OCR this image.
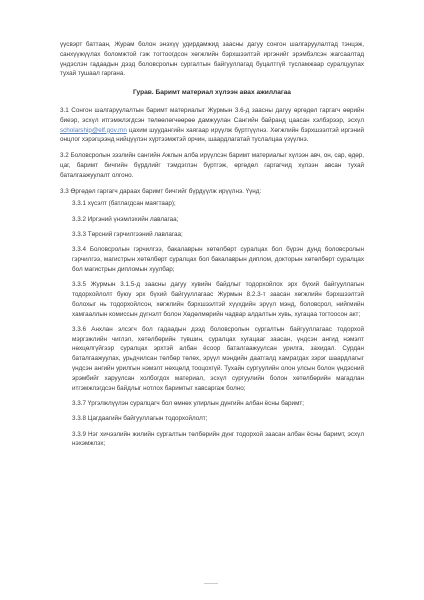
үүсвэрт баттаан, Журам болон энэхүү удирдамжид заасны дагуу сонгон шалгаруулалтад тэнцэж, санхүүжүүлах боломжтой гэж тогтоогдсон хөгжлийн бэрхшээлтэй иргэнийг эрэмбэлсэн жагсаалтад үндэслэн гадаадын дээд боловсролын сургалтын байгууллагад буцалтгүй тусламжаар суралцуулах тухай тушаал гаргана.

Гурав. Баримт материал хүлээн авах ажиллагаа

3.1 Сонгон шалгаруулалтын баримт материалыг Журмын 3.6-д заасны дагуу өргөдөл гаргагч өөрийн биеэр, эсхүл итгэмжлэгдсэн төлөөлөгчөөрөө дамжуулан Сангийн байранд цаасан хэлбэрээр, эсхүл scholarship@elf.gov.mn цахим шуудангийн хаягаар ирүүлж бүртгүүлнэ. Хөгжлийн бэрхшээлтэй иргэний онцлог хэрэгцээнд нийцүүлэн хүртээмжтэй орчин, шаардлагатай туслалцаа үзүүлнэ.

3.2 Боловсролын зээлийн сангийн Ажлын алба ирүүлсэн баримт материалыг хүлээн авч, он, сар, өдөр, цаг, баримт бичгийн бүрдлийг тэмдэглэн бүртгэж, өргөдөл гаргагчид хүлээн авсан тухай баталгаажуулалт олгоно.

3.3 Өргөдөл гаргагч дараах баримт бичгийг бүрдүүлж ирүүлнэ. Үүнд:

3.3.1 хүсэлт (батлагдсан маягтаар);

3.3.2 Иргэний үнэмлэхийн лавлагаа;

3.3.3 Төрсний гэрчилгээний лавлагаа;

3.3.4 Боловсролын гэрчилгээ, бакалаврын хөтөлбөрт суралцах бол бүрэн дунд боловсролын гэрчилгээ, магистрын хөтөлбөрт суралцах бол бакалаврын диплом, докторын хөтөлбөрт суралцах бол магистрын дипломын хуулбар;

3.3.5 Журмын 3.1.5-д заасны дагуу хувийн байдлыг тодорхойлох эрх бүхий байгууллагын тодорхойлолт буюу эрх бүхий байгууллагаас Журмын 8.2.3-т заасан хөгжлийн бэрхшээлтэй болохыг нь тодорхойлсон, хөгжлийн бэрхшээлтэй хүүхдийн эрүүл мэнд, боловсрол, нийгмийн хамгааллын комиссын дүгнэлт болон Хөдөлмөрийн чадвар алдалтын хувь, хугацаа тогтоосон акт;

3.3.6 Анхлан элсэгч бол гадаадын дээд боловсролын сургалтын байгууллагаас тодорхой мэргэжлийн чиглэл, хөтөлбөрийн түвшин, суралцах хугацааг заасан, үндсэн ангид нэмэлт нөхцөлгүйгээр суралцах эрхтэй албан ёсоор баталгаажуулсан урилга, захидал. Сурдан баталгаажуулах, урьдчилсан төлбөр төлөх, эрүүл мэндийн даатгалд хамрагдах зэрэг шаардлагыг үндсэн ангийн урилгын нэмэлт нөхцөлд тооцохгүй. Тухайн сургуулийн олон улсын болон үндэсний эрэмбийг харуулсан холбогдох материал, эсхүл сургуулийн болон хөтөлбөрийн магадлан итгэмжлэгдсэн байдлыг нотлох баримтыг хавсаргаж болно;

3.3.7 Үргэлжлүүлэн суралцагч бол өмнөх улирлын дүнгийн албан ёсны баримт;

3.3.8 Цагдаагийн байгууллагын тодорхойлолт;

3.3.9 Нэг хичээлийн жилийн сургалтын төлбөрийн дүнг тодорхой заасан албан ёсны баримт, эсхүл нэхэмжлэх;
